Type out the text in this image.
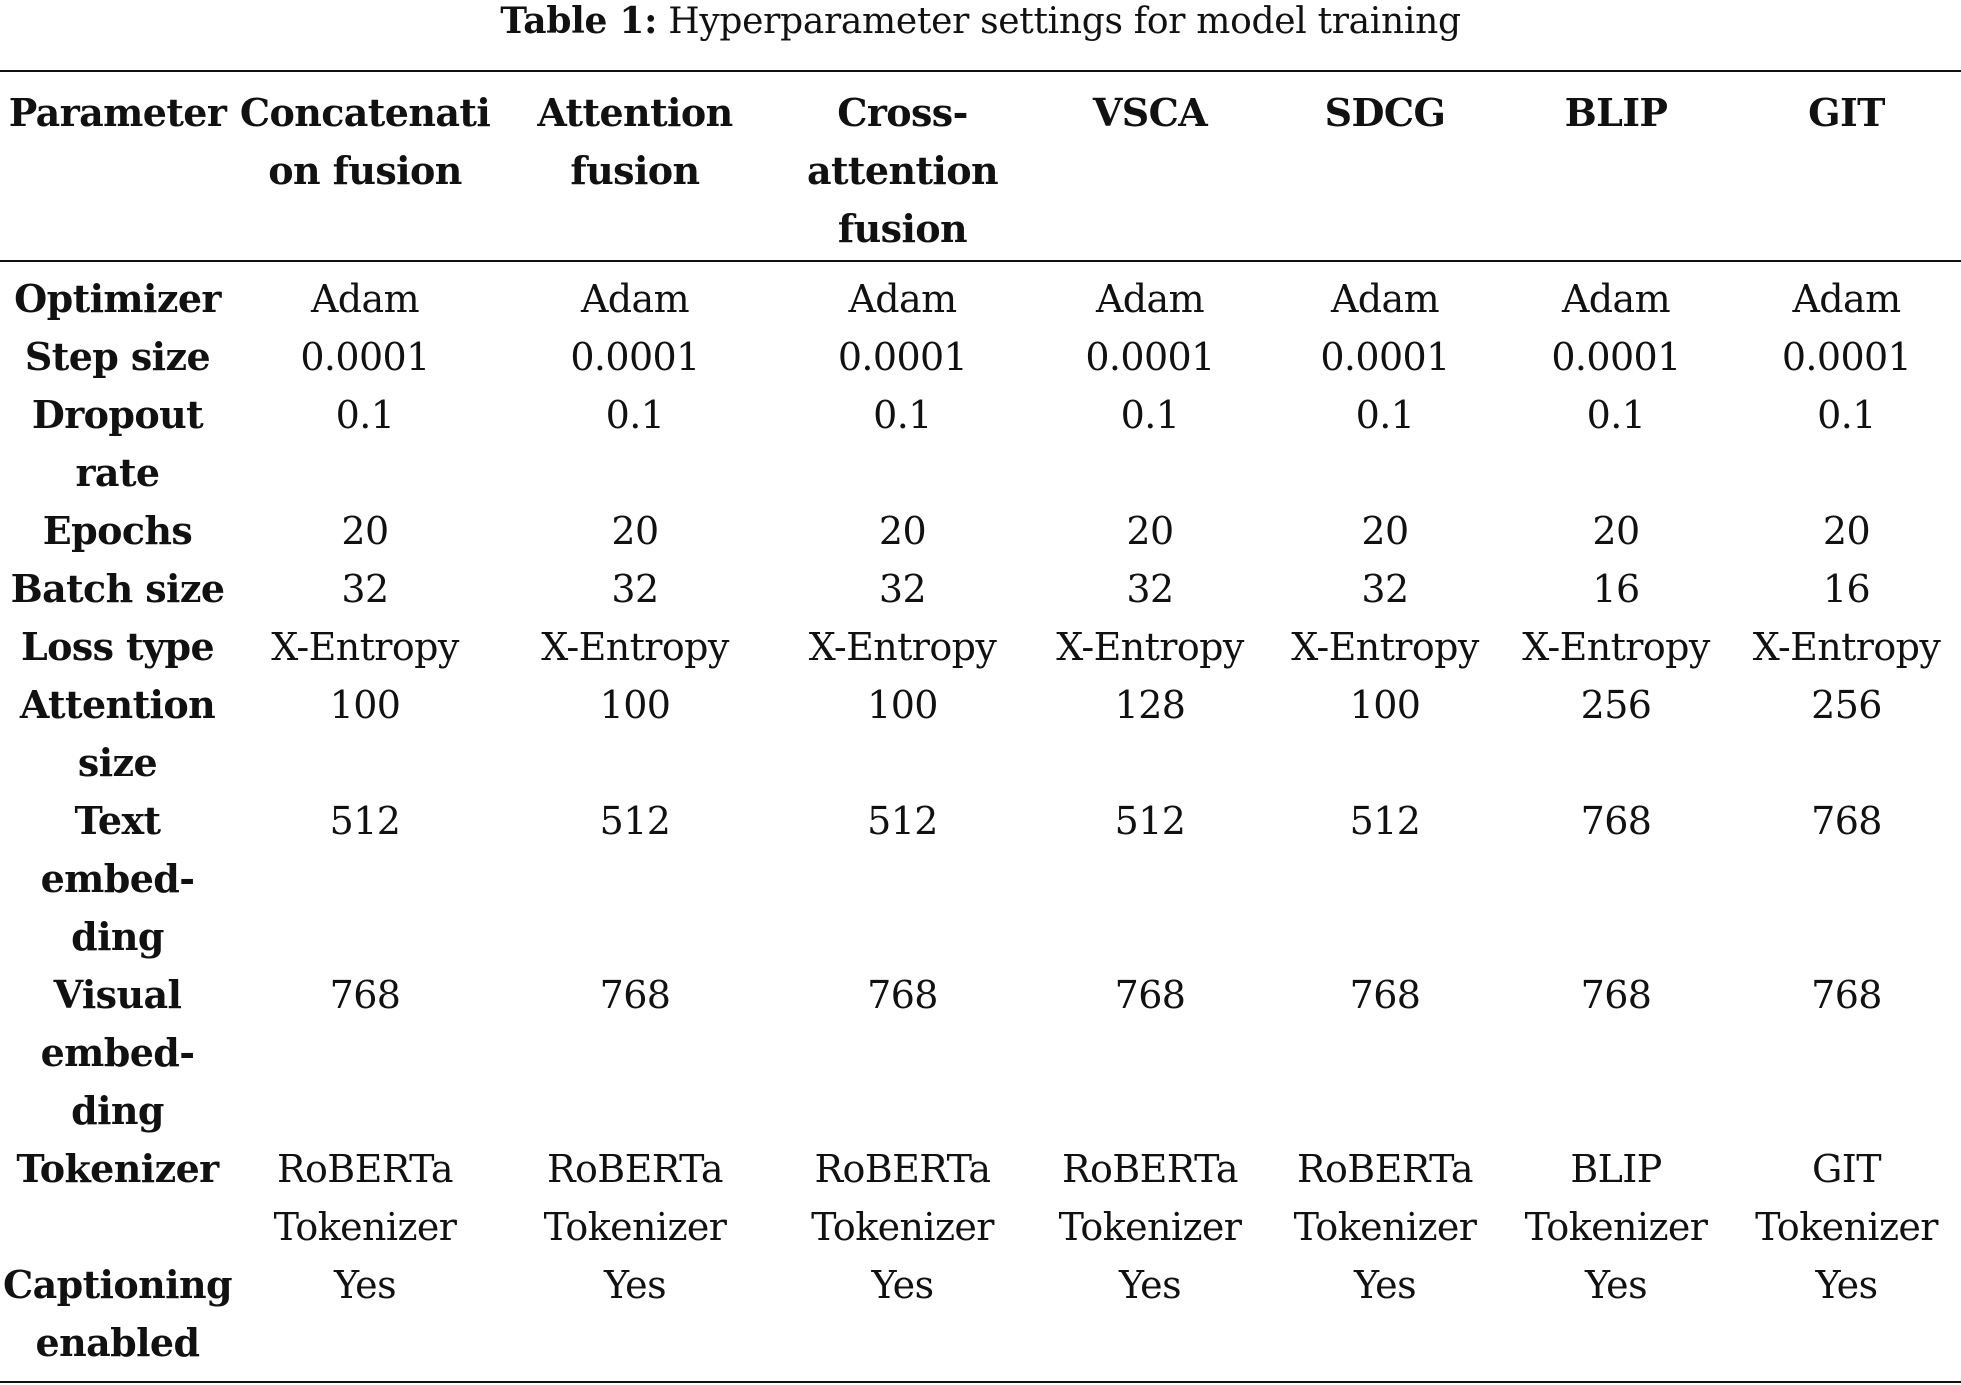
Table 1: Hyperparameter settings for model training
Parameter	Concatenation fusion	Attention fusion	Cross-attention fusion	VSCA	SDCG	BLIP	GIT
Optimizer	Adam	Adam	Adam	Adam	Adam	Adam	Adam
Step size	0.0001	0.0001	0.0001	0.0001	0.0001	0.0001	0.0001
Dropout rate	0.1	0.1	0.1	0.1	0.1	0.1	0.1
Epochs	20	20	20	20	20	20	20
Batch size	32	32	32	32	32	16	16
Loss type	X-Entropy	X-Entropy	X-Entropy	X-Entropy	X-Entropy	X-Entropy	X-Entropy
Attention size	100	100	100	128	100	256	256
Text embed-ding	512	512	512	512	512	768	768
Visual embed-ding	768	768	768	768	768	768	768
Tokenizer	RoBERTa Tokenizer	RoBERTa Tokenizer	RoBERTa Tokenizer	RoBERTa Tokenizer	RoBERTa Tokenizer	BLIP Tokenizer	GIT Tokenizer
Captioning enabled	Yes	Yes	Yes	Yes	Yes	Yes	Yes
